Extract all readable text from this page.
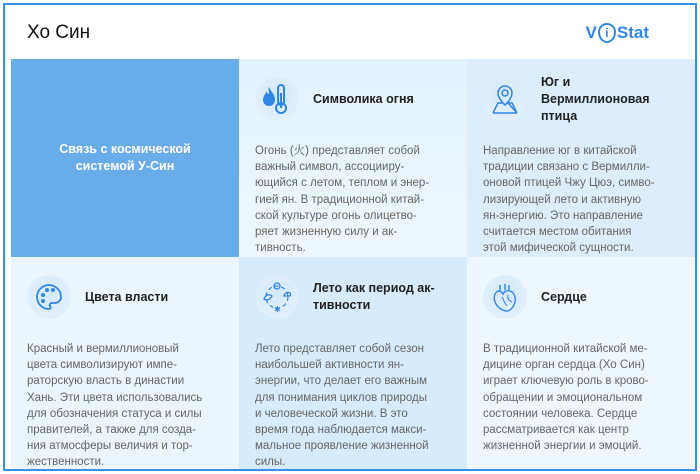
Хо Син	V i Stat
Связь с космической системой У-Син
Символика огня
Огонь (火) представляет собой
важный символ, ассоцииру-
ющийся с летом, теплом и энер-
гией ян. В традиционной китай-
ской культуре огонь олицетво-
ряет жизненную силу и ак-
тивность.
Юг и Вермиллионовая птица
Направление юг в китайской
традиции связано с Вермилли-
оновой птицей Чжу Цюэ, симво-
лизирующей лето и активную
ян-энергию. Это направление
считается местом обитания
этой мифической сущности.
Цвета власти
Красный и вермиллионовый
цвета символизируют импе-
раторскую власть в династии
Хань. Эти цвета использовались
для обозначения статуса и силы
правителей, а также для созда-
ния атмосферы величия и тор-
жественности.
✱
Лето как период ак-тивности
Лето представляет собой сезон
наибольшей активности ян-
энергии, что делает его важным
для понимания циклов природы
и человеческой жизни. В это
время года наблюдается макси-
мальное проявление жизненной
силы.
Сердце
В традиционной китайской ме-
дицине орган сердца (Хо Син)
играет ключевую роль в крово-
обращении и эмоциональном
состоянии человека. Сердце
рассматривается как центр
жизненной энергии и эмоций.
